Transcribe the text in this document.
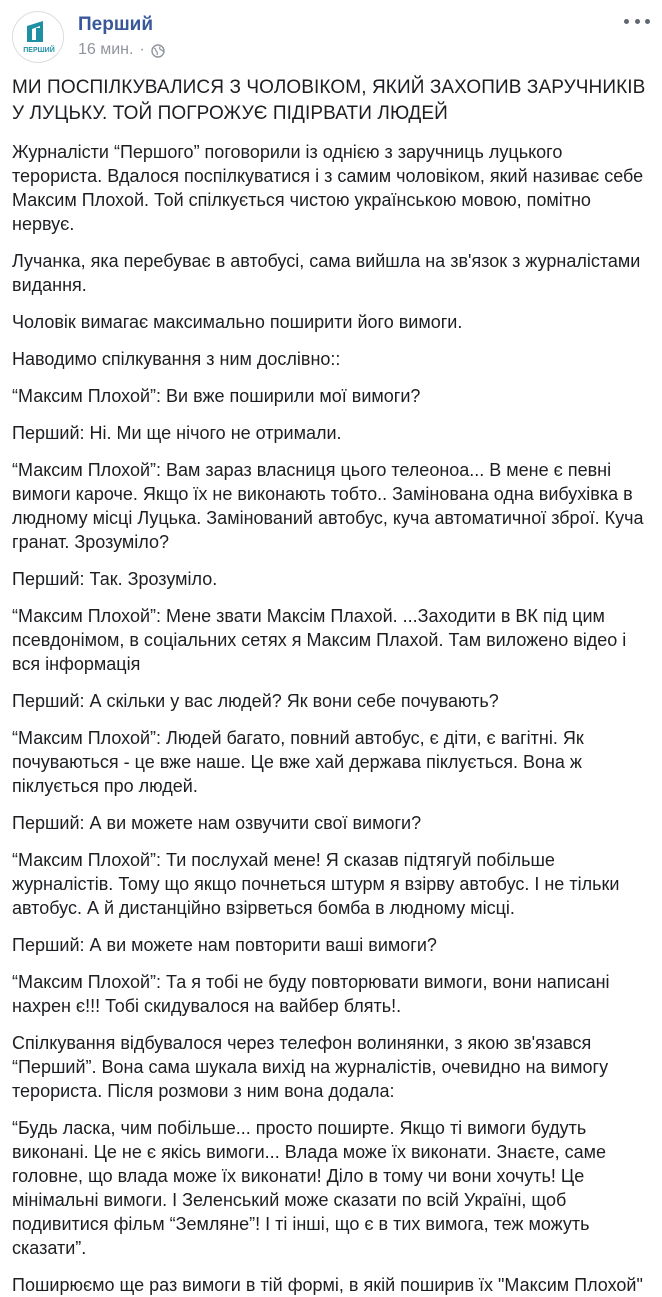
ПЕРШИЙ
Перший
16 мин. ·
МИ ПОСПІЛКУВАЛИСЯ З ЧОЛОВІКОМ, ЯКИЙ ЗАХОПИВ ЗАРУЧНИКІВ У ЛУЦЬКУ. ТОЙ ПОГРОЖУЄ ПІДІРВАТИ ЛЮДЕЙ

Журналісти “Першого” поговорили із однією з заручниць луцького терориста. Вдалося поспілкуватися і з самим чоловіком, який називає себе Максим Плохой. Той спілкується чистою українською мовою, помітно нервує.

Лучанка, яка перебуває в автобусі, сама вийшла на зв'язок з журналістами видання.

Чоловік вимагає максимально поширити його вимоги.

Наводимо спілкування з ним дослівно::

“Максим Плохой”: Ви вже поширили мої вимоги?

Перший: Ні. Ми ще нічого не отримали.

“Максим Плохой”: Вам зараз власниця цього телеоноа... В мене є певні вимоги кароче. Якщо їх не виконають тобто.. Замінована одна вибухівка в людному місці Луцька. Замінований автобус, куча автоматичної зброї. Куча гранат. Зрозуміло?

Перший: Так. Зрозуміло.

“Максим Плохой”: Мене звати Максім Плахой. ...Заходити в ВК під цим псевдонімом, в соціальних сетях я Максим Плахой. Там виложено відео і вся інформація

Перший: А скільки у вас людей? Як вони себе почувають?

“Максим Плохой”: Людей багато, повний автобус, є діти, є вагітні. Як почуваються - це вже наше. Це вже хай держава піклується. Вона ж піклується про людей.

Перший: А ви можете нам озвучити свої вимоги?

“Максим Плохой”: Ти послухай мене! Я сказав підтягуй побільше журналістів. Тому що якщо почнеться штурм я взірву автобус. І не тільки автобус. А й дистанційно взірветься бомба в людному місці.

Перший: А ви можете нам повторити ваші вимоги?

“Максим Плохой”: Та я тобі не буду повторювати вимоги, вони написані нахрен є!!! Тобі скидувалося на вайбер блять!.

Спілкування відбувалося через телефон волинянки, з якою зв'язався “Перший”. Вона сама шукала вихід на журналістів, очевидно на вимогу терориста. Після розмови з ним вона додала:

“Будь ласка, чим побільше... просто поширте. Якщо ті вимоги будуть виконані. Це не є якісь вимоги... Влада може їх виконати. Знаєте, саме головне, що влада може їх виконати! Діло в тому чи вони хочуть! Це мінімальні вимоги. І Зеленський може сказати по всій Україні, щоб подивитися фільм “Земляне”! І ті інші, що є в тих вимога, теж можуть сказати”.

Поширюємо ще раз вимоги в тій формі, в якій поширив їх "Максим Плохой"
